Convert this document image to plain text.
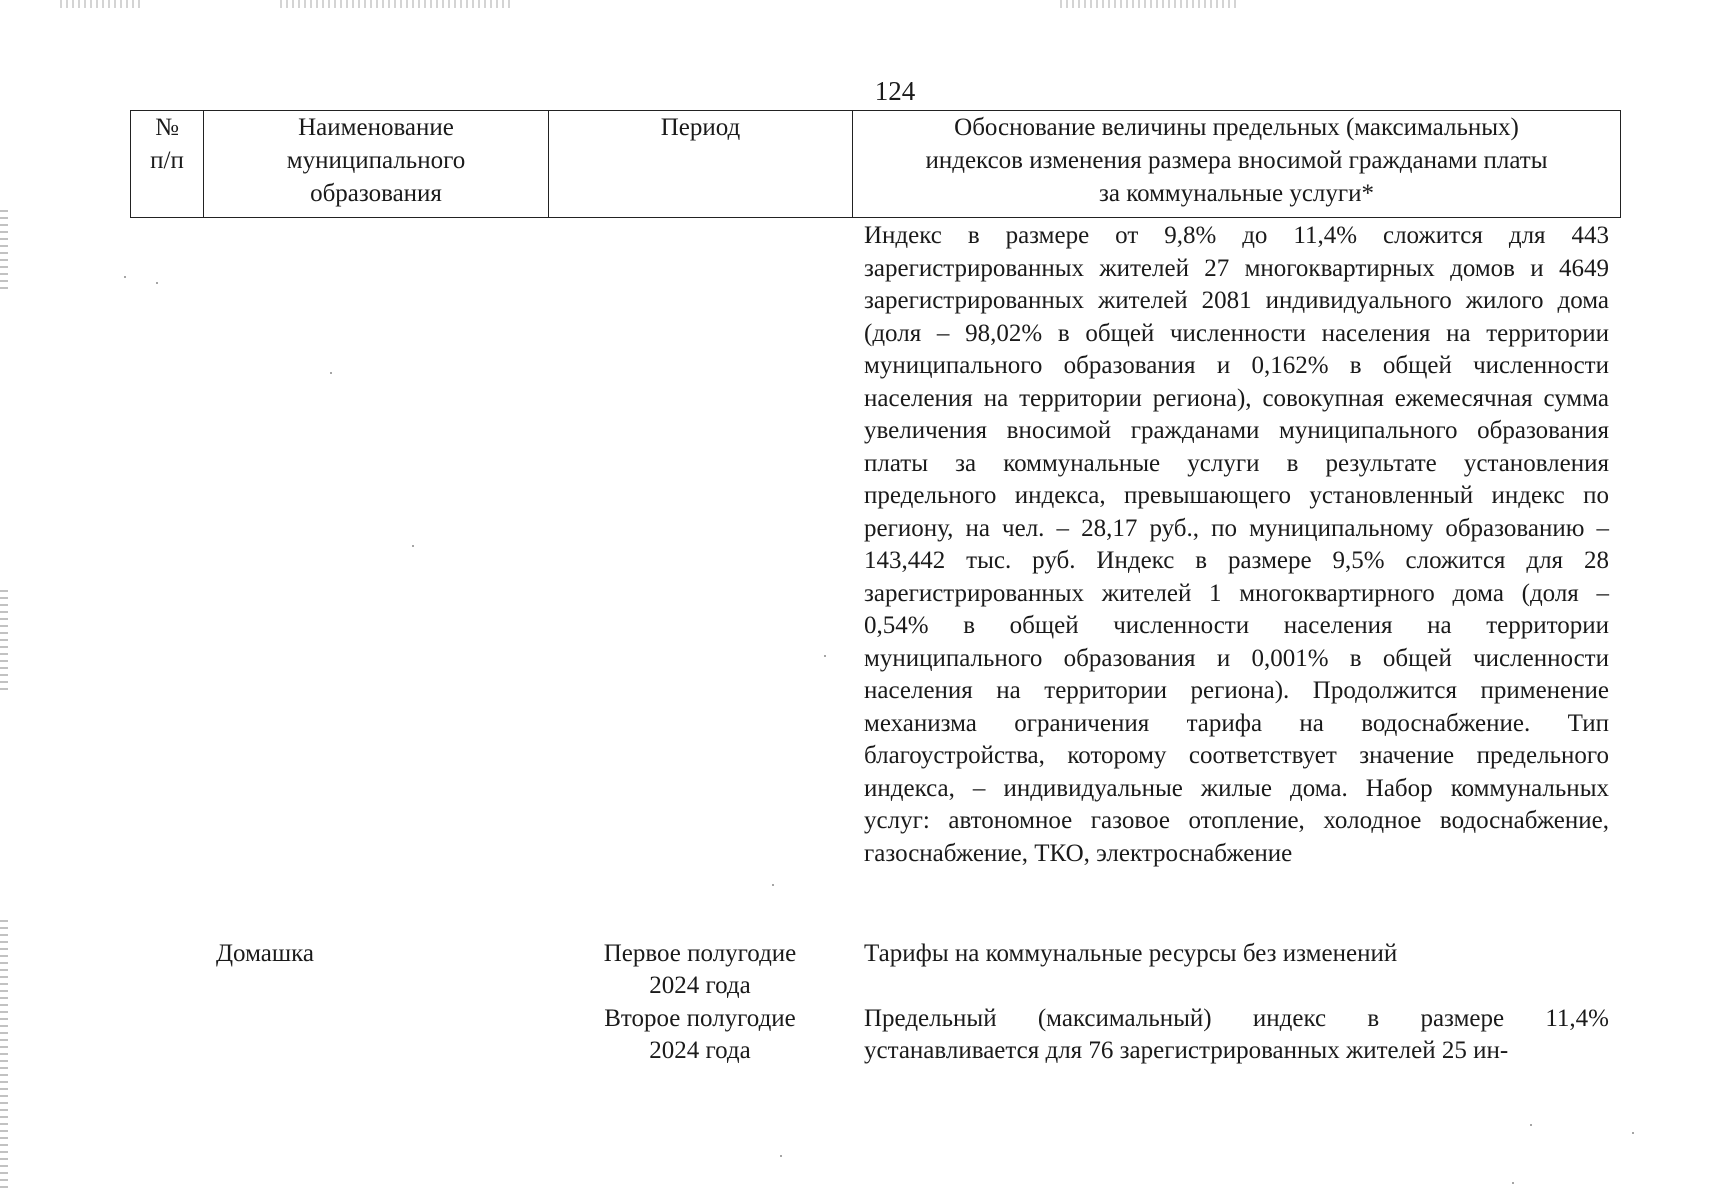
124
№
п/п
Наименование
муниципального
образования
Период	Обоснование величины предельных (максимальных)
индексов изменения размера вносимой гражданами платы
за коммунальные услуги*
Индекс в размере от 9,8% до 11,4% сложится для 443 зарегистрированных жителей 27 многоквартирных домов и 4649 зарегистрированных жителей 2081 индивидуального жилого дома (доля – 98,02% в общей численности населения на территории муниципального образования и 0,162% в общей численности населения на территории региона), совокупная ежемесячная сумма увеличения вносимой гражданами муниципального образования платы за коммунальные услуги в результате установления предельного индекса, превышающего установленный индекс по региону, на чел. – 28,17 руб., по муниципальному образованию – 143,442 тыс. руб. Индекс в размере 9,5% сложится для 28 зарегистрированных жителей 1 многоквартирного дома (доля – 0,54% в общей численности населения на территории муниципального образования и 0,001% в общей численности населения на территории региона). Продолжится применение механизма ограничения тарифа на водоснабжение. Тип благоустройства, которому соответствует значение предельного индекса, – индивидуальные жилые дома. Набор коммунальных услуг: автономное газовое отопление, холодное водоснабжение, газоснабжение, ТКО, электроснабжение
Домашка	Первое полугодие
2024 года
Тарифы на коммунальные ресурсы без изменений
Второе полугодие
2024 года
Предельный (максимальный) индекс в размере 11,4% устанавливается для 76 зарегистрированных жителей 25 ин-
